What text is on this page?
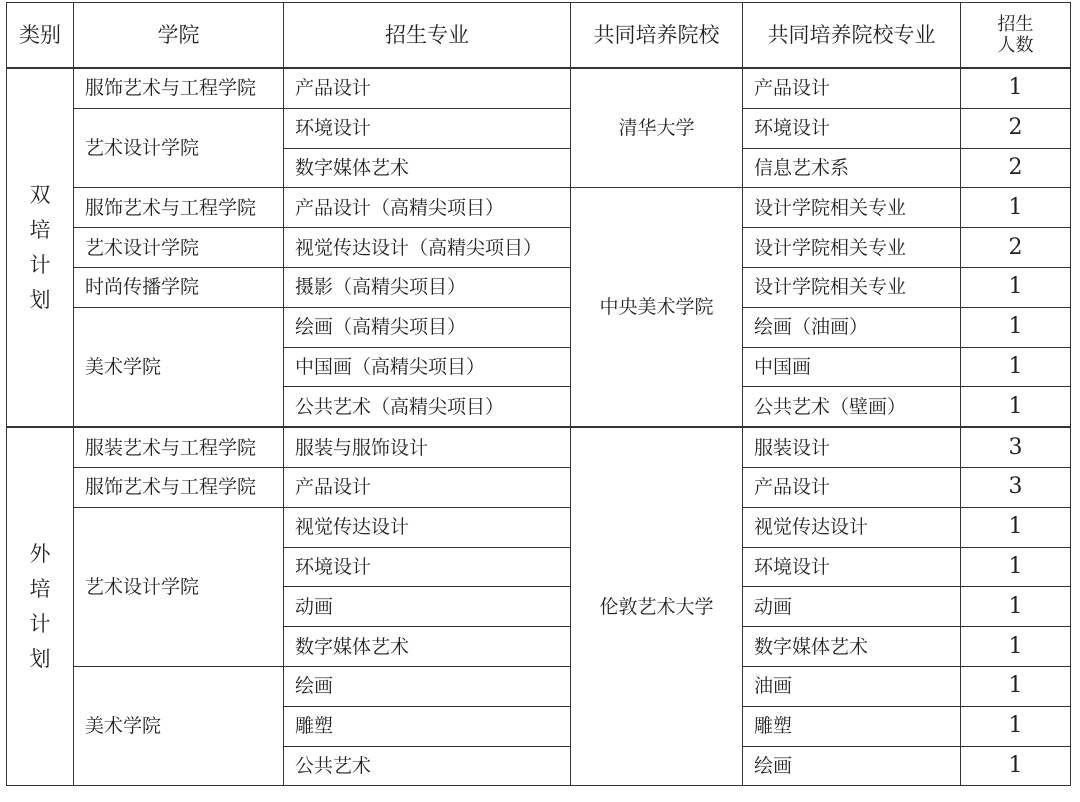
类别	学院	招生专业	共同培养院校	共同培养院校专业	招生人数
双培计划	服饰艺术与工程学院	产品设计	清华大学	产品设计	1
	艺术设计学院	环境设计		环境设计	2
		数字媒体艺术		信息艺术系	2
	服饰艺术与工程学院	产品设计（高精尖项目）	中央美术学院	设计学院相关专业	1
	艺术设计学院	视觉传达设计（高精尖项目）		设计学院相关专业	2
	时尚传播学院	摄影（高精尖项目）		设计学院相关专业	1
	美术学院	绘画（高精尖项目）		绘画（油画）	1
		中国画（高精尖项目）		中国画	1
		公共艺术（高精尖项目）		公共艺术（壁画）	1
外培计划	服装艺术与工程学院	服装与服饰设计	伦敦艺术大学	服装设计	3
	服饰艺术与工程学院	产品设计		产品设计	3
	艺术设计学院	视觉传达设计		视觉传达设计	1
		环境设计		环境设计	1
		动画		动画	1
		数字媒体艺术		数字媒体艺术	1
	美术学院	绘画		油画	1
		雕塑		雕塑	1
		公共艺术		绘画	1
